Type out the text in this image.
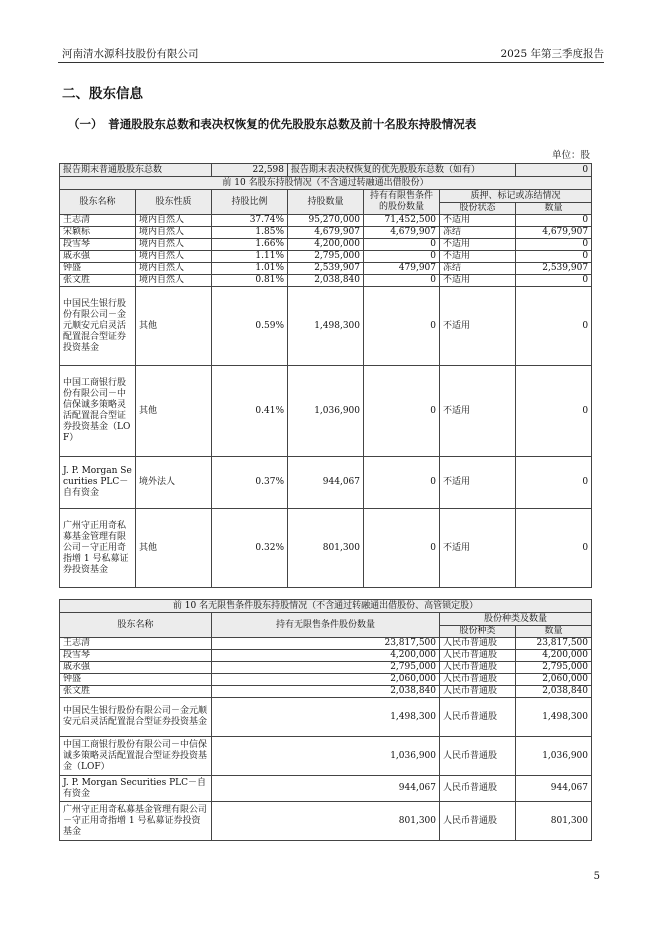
河南清水源科技股份有限公司	2025 年第三季度报告
二、股东信息
（一）　普通股股东总数和表决权恢复的优先股股东总数及前十名股东持股情况表
单位：股
报告期末普通股股东总数		22,598	报告期末表决权恢复的优先股股东总数（如有）			0
前 10 名股东持股情况（不含通过转融通出借股份）						
股东名称	股东性质	持股比例	持股数量	持有有限售条件的股份数量	质押、标记或冻结情况	
					股份状态	数量
王志清	境内自然人	37.74%	95,270,000	71,452,500	不适用	0
宋颖标	境内自然人	1.85%	4,679,907	4,679,907	冻结	4,679,907
段雪琴	境内自然人	1.66%	4,200,000	0	不适用	0
戚永强	境内自然人	1.11%	2,795,000	0	不适用	0
钟盛	境内自然人	1.01%	2,539,907	479,907	冻结	2,539,907
张文胜	境内自然人	0.81%	2,038,840	0	不适用	0
中国民生银行股份有限公司－金元顺安元启灵活配置混合型证券投资基金	其他	0.59%	1,498,300	0	不适用	0
中国工商银行股份有限公司－中信保诚多策略灵活配置混合型证券投资基金（LOF）	其他	0.41%	1,036,900	0	不适用	0
J. P. Morgan Securities PLC－自有资金	境外法人	0.37%	944,067	0	不适用	0
广州守正用奇私募基金管理有限公司－守正用奇指增 1 号私募证券投资基金	其他	0.32%	801,300	0	不适用	0
前 10 名无限售条件股东持股情况（不含通过转融通出借股份、高管锁定股）			
股东名称	持有无限售条件股份数量	股份种类及数量	
		股份种类	数量
王志清	23,817,500	人民币普通股	23,817,500
段雪琴	4,200,000	人民币普通股	4,200,000
戚永强	2,795,000	人民币普通股	2,795,000
钟盛	2,060,000	人民币普通股	2,060,000
张文胜	2,038,840	人民币普通股	2,038,840
中国民生银行股份有限公司－金元顺安元启灵活配置混合型证券投资基金	1,498,300	人民币普通股	1,498,300
中国工商银行股份有限公司－中信保诚多策略灵活配置混合型证券投资基金（LOF）	1,036,900	人民币普通股	1,036,900
J. P. Morgan Securities PLC－自有资金	944,067	人民币普通股	944,067
广州守正用奇私募基金管理有限公司－守正用奇指增 1 号私募证券投资基金	801,300	人民币普通股	801,300
5
